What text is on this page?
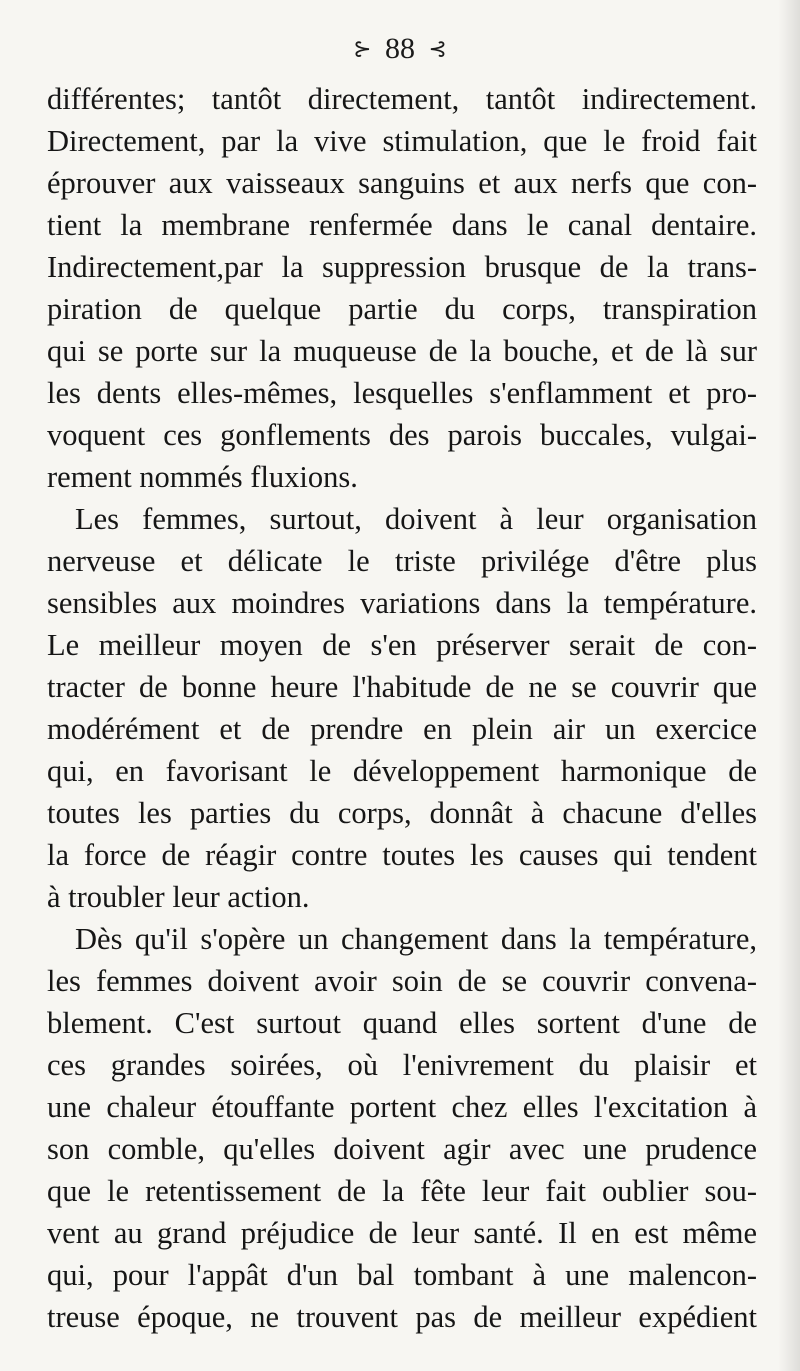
⊱ 88 ⊰
différentes; tantôt directement, tantôt indirectement.
Directement, par la vive stimulation, que le froid fait
éprouver aux vaisseaux sanguins et aux nerfs que con-
tient la membrane renfermée dans le canal dentaire.
Indirectement,par la suppression brusque de la trans-
piration de quelque partie du corps, transpiration
qui se porte sur la muqueuse de la bouche, et de là sur
les dents elles-mêmes, lesquelles s'enflamment et pro-
voquent ces gonflements des parois buccales, vulgai-
rement nommés fluxions.
Les femmes, surtout, doivent à leur organisation
nerveuse et délicate le triste privilége d'être plus
sensibles aux moindres variations dans la température.
Le meilleur moyen de s'en préserver serait de con-
tracter de bonne heure l'habitude de ne se couvrir que
modérément et de prendre en plein air un exercice
qui, en favorisant le développement harmonique de
toutes les parties du corps, donnât à chacune d'elles
la force de réagir contre toutes les causes qui tendent
à troubler leur action.
Dès qu'il s'opère un changement dans la température,
les femmes doivent avoir soin de se couvrir convena-
blement. C'est surtout quand elles sortent d'une de
ces grandes soirées, où l'enivrement du plaisir et
une chaleur étouffante portent chez elles l'excitation à
son comble, qu'elles doivent agir avec une prudence
que le retentissement de la fête leur fait oublier sou-
vent au grand préjudice de leur santé. Il en est même
qui, pour l'appât d'un bal tombant à une malencon-
treuse époque, ne trouvent pas de meilleur expédient
